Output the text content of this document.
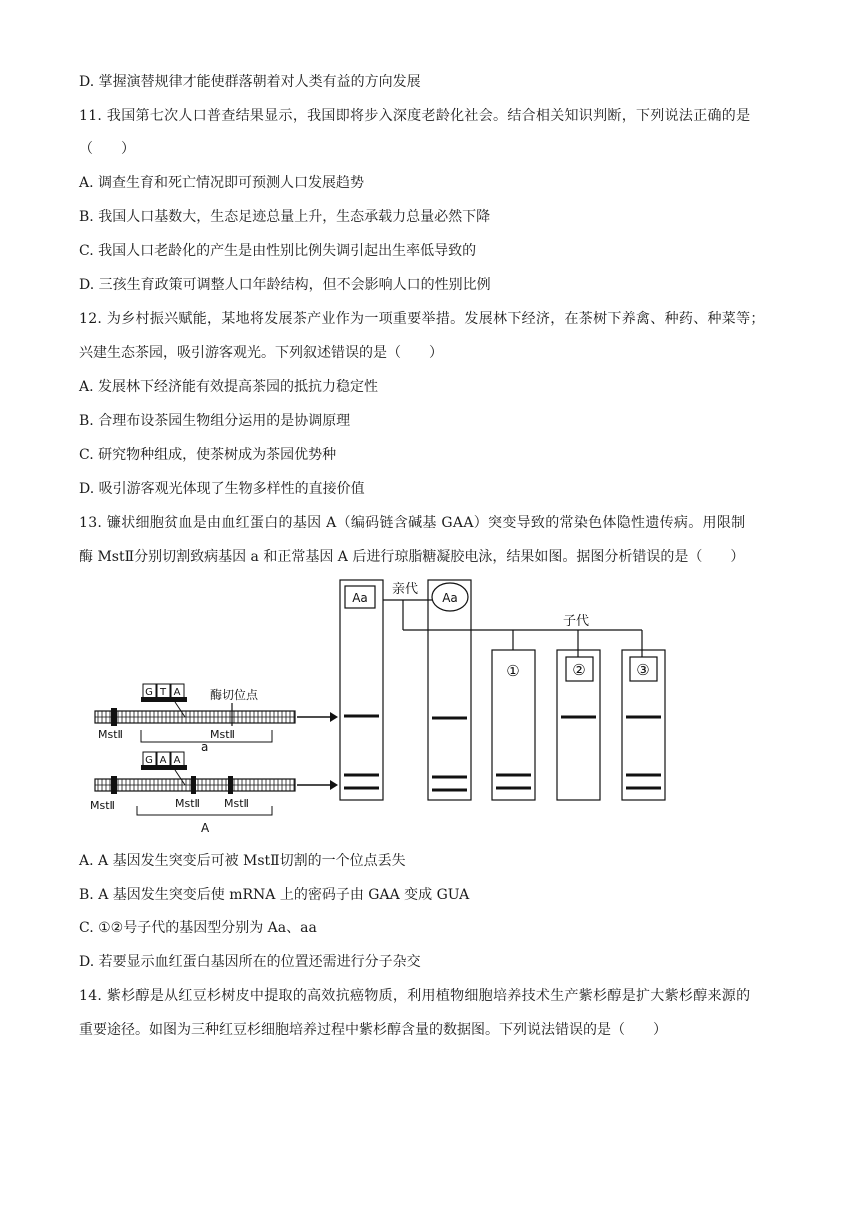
D. 掌握演替规律才能使群落朝着对人类有益的方向发展
11. 我国第七次人口普查结果显示，我国即将步入深度老龄化社会。结合相关知识判断，下列说法正确的是
（　　）
A. 调查生育和死亡情况即可预测人口发展趋势
B. 我国人口基数大，生态足迹总量上升，生态承载力总量必然下降
C. 我国人口老龄化的产生是由性别比例失调引起出生率低导致的
D. 三孩生育政策可调整人口年龄结构，但不会影响人口的性别比例
12. 为乡村振兴赋能，某地将发展茶产业作为一项重要举措。发展林下经济，在茶树下养禽、种药、种菜等；
兴建生态茶园，吸引游客观光。下列叙述错误的是（　　）
A. 发展林下经济能有效提高茶园的抵抗力稳定性
B. 合理布设茶园生物组分运用的是协调原理
C. 研究物种组成，使茶树成为茶园优势种
D. 吸引游客观光体现了生物多样性的直接价值
13. 镰状细胞贫血是由血红蛋白的基因 A（编码链含碱基 GAA）突变导致的常染色体隐性遗传病。用限制
酶 MstⅡ分别切割致病基因 a 和正常基因 A 后进行琼脂糖凝胶电泳，结果如图。据图分析错误的是（　　）
Aa	Aa
①	②	③
亲代
子代
G T A 酶切位点
MstⅡ	MstⅡ
a
G A A
MstⅡ	MstⅡ MstⅡ
A
A. A 基因发生突变后可被 MstⅡ切割的一个位点丢失
B. A 基因发生突变后使 mRNA 上的密码子由 GAA 变成 GUA
C. ①②号子代的基因型分别为 Aa、aa
D. 若要显示血红蛋白基因所在的位置还需进行分子杂交
14. 紫杉醇是从红豆杉树皮中提取的高效抗癌物质，利用植物细胞培养技术生产紫杉醇是扩大紫杉醇来源的
重要途径。如图为三种红豆杉细胞培养过程中紫杉醇含量的数据图。下列说法错误的是（　　）
